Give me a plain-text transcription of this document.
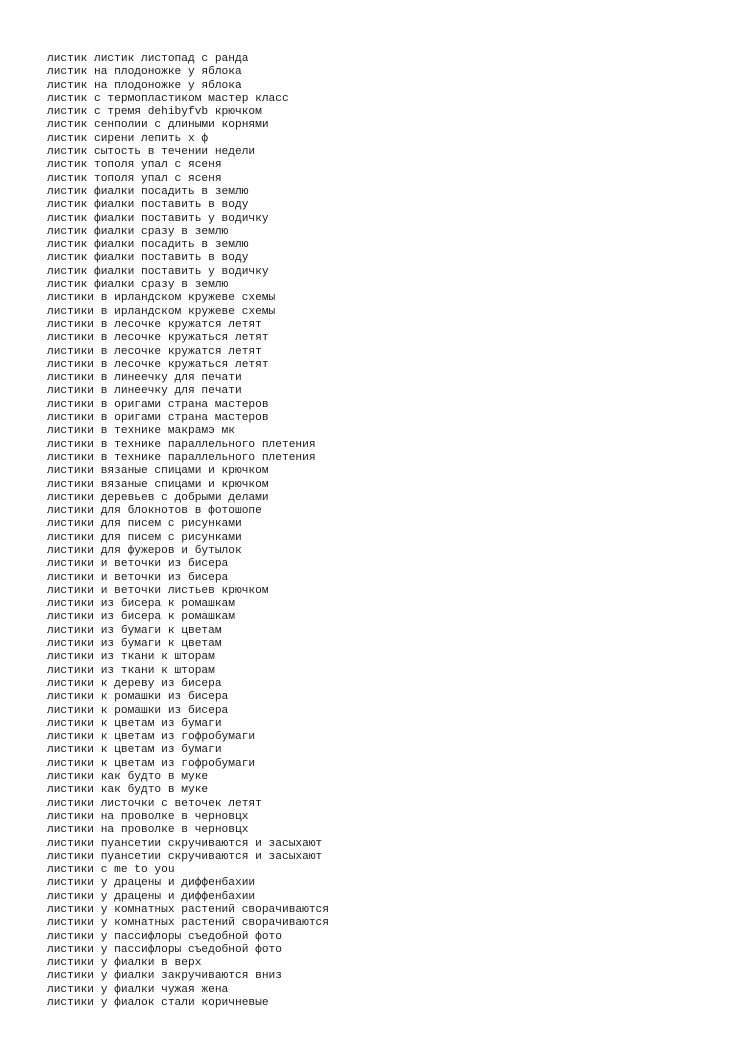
листик листик листопад с ранда
листик на плодоножке у яблока
листик на плодоножке у яблока
листик с термопластиком мастер класс
листик с тремя dehibyfvb крючком
листик сенполии с длиными корнями
листик сирени лепить х ф
листик сытость в течении недели
листик тополя упал с ясеня
листик тополя упал с ясеня
листик фиалки посадить в землю
листик фиалки поставить в воду
листик фиалки поставить у водичку
листик фиалки сразу в землю
листик фиалки посадить в землю
листик фиалки поставить в воду
листик фиалки поставить у водичку
листик фиалки сразу в землю
листики в ирландском кружеве схемы
листики в ирландском кружеве схемы
листики в лесочке кружатся летят
листики в лесочке кружаться летят
листики в лесочке кружатся летят
листики в лесочке кружаться летят
листики в линеечку для печати
листики в линеечку для печати
листики в оригами страна мастеров
листики в оригами страна мастеров
листики в технике макрамэ мк
листики в технике параллельного плетения
листики в технике параллельного плетения
листики вязаные спицами и крючком
листики вязаные спицами и крючком
листики деревьев с добрыми делами
листики для блокнотов в фотошопе
листики для писем с рисунками
листики для писем с рисунками
листики для фужеров и бутылок
листики и веточки из бисера
листики и веточки из бисера
листики и веточки листьев крючком
листики из бисера к ромашкам
листики из бисера к ромашкам
листики из бумаги к цветам
листики из бумаги к цветам
листики из ткани к шторам
листики из ткани к шторам
листики к дереву из бисера
листики к ромашки из бисера
листики к ромашки из бисера
листики к цветам из бумаги
листики к цветам из гофробумаги
листики к цветам из бумаги
листики к цветам из гофробумаги
листики как будто в муке
листики как будто в муке
листики листочки с веточек летят
листики на проволке в черновцх
листики на проволке в черновцх
листики пуансетии скручиваются и засыхают
листики пуансетии скручиваются и засыхают
листики с me to you
листики у драцены и диффенбахии
листики у драцены и диффенбахии
листики у комнатных растений сворачиваются
листики у комнатных растений сворачиваются
листики у пассифлоры съедобной фото
листики у пассифлоры съедобной фото
листики у фиалки в верх
листики у фиалки закручиваются вниз
листики у фиалки чужая жена
листики у фиалок стали коричневые
